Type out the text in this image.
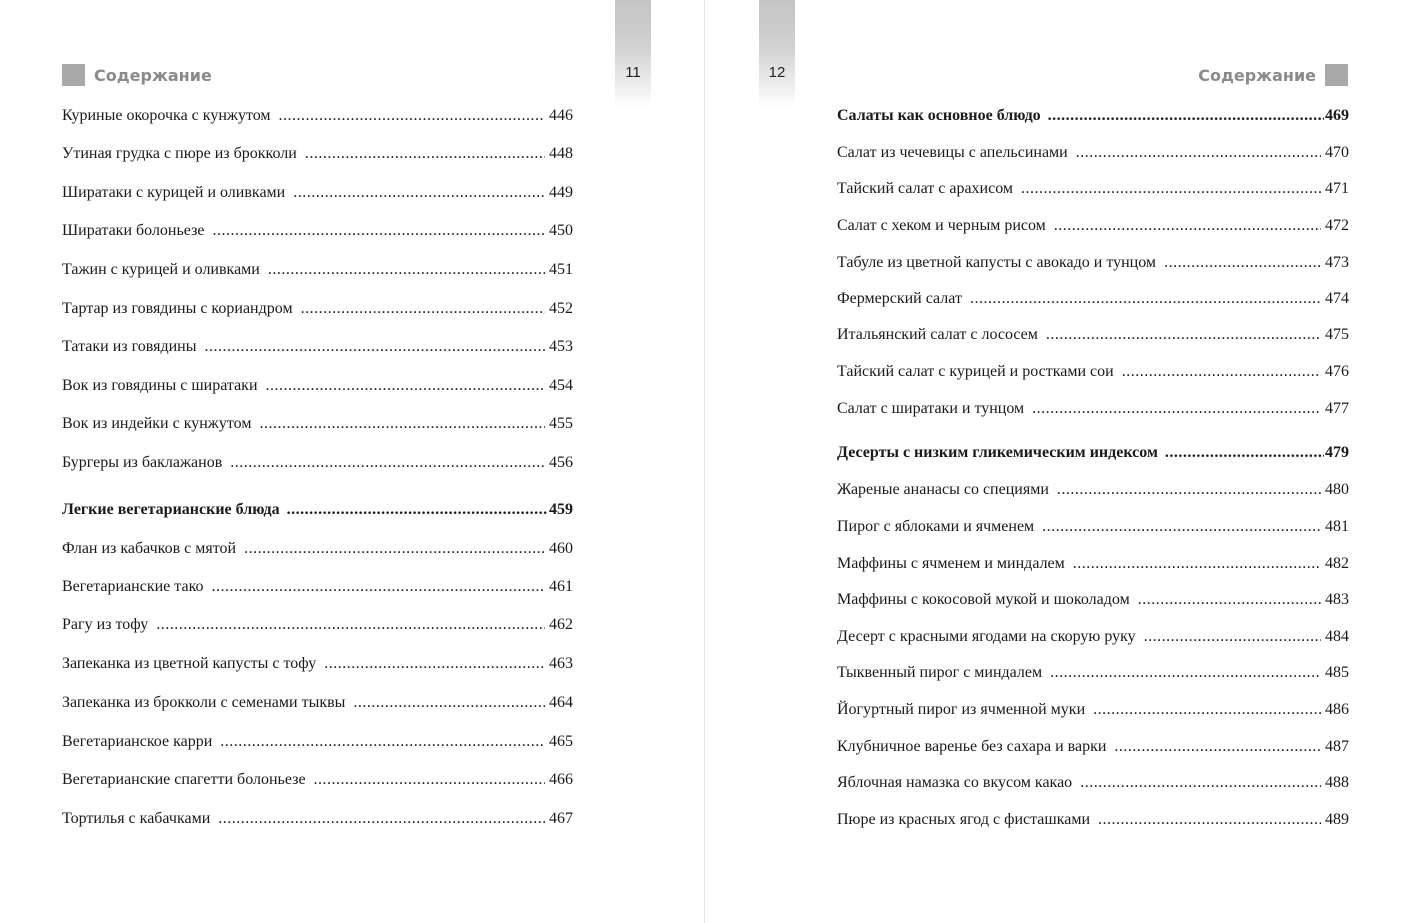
11
Содержание
Куриные окорочка с кунжутом .....	446
Утиная грудка с пюре из брокколи .....	448
Ширатаки с курицей и оливками .....	449
Ширатаки болоньезе .....	450
Тажин с курицей и оливками .....	451
Тартар из говядины с кориандром .....	452
Татаки из говядины .....	453
Вок из говядины с ширатаки .....	454
Вок из индейки с кунжутом .....	455
Бургеры из баклажанов .....	456
Легкие вегетарианские блюда .....	459
Флан из кабачков с мятой .....	460
Вегетарианские тако .....	461
Рагу из тофу .....	462
Запеканка из цветной капусты с тофу .....	463
Запеканка из брокколи с семенами тыквы .....	464
Вегетарианское карри .....	465
Вегетарианские спагетти болоньезе .....	466
Тортилья с кабачками .....	467
12	Содержание
Салаты как основное блюдо .....	469
Салат из чечевицы с апельсинами .....	470
Тайский салат с арахисом .....	471
Салат с хеком и черным рисом .....	472
Табуле из цветной капусты с авокадо и тунцом .....	473
Фермерский салат .....	474
Итальянский салат с лососем .....	475
Тайский салат с курицей и ростками сои .....	476
Салат с ширатаки и тунцом .....	477
Десерты с низким гликемическим индексом .....	479
Жареные ананасы со специями .....	480
Пирог с яблоками и ячменем .....	481
Маффины с ячменем и миндалем .....	482
Маффины с кокосовой мукой и шоколадом .....	483
Десерт с красными ягодами на скорую руку .....	484
Тыквенный пирог с миндалем .....	485
Йогуртный пирог из ячменной муки .....	486
Клубничное варенье без сахара и варки .....	487
Яблочная намазка со вкусом какао .....	488
Пюре из красных ягод с фисташками .....	489
